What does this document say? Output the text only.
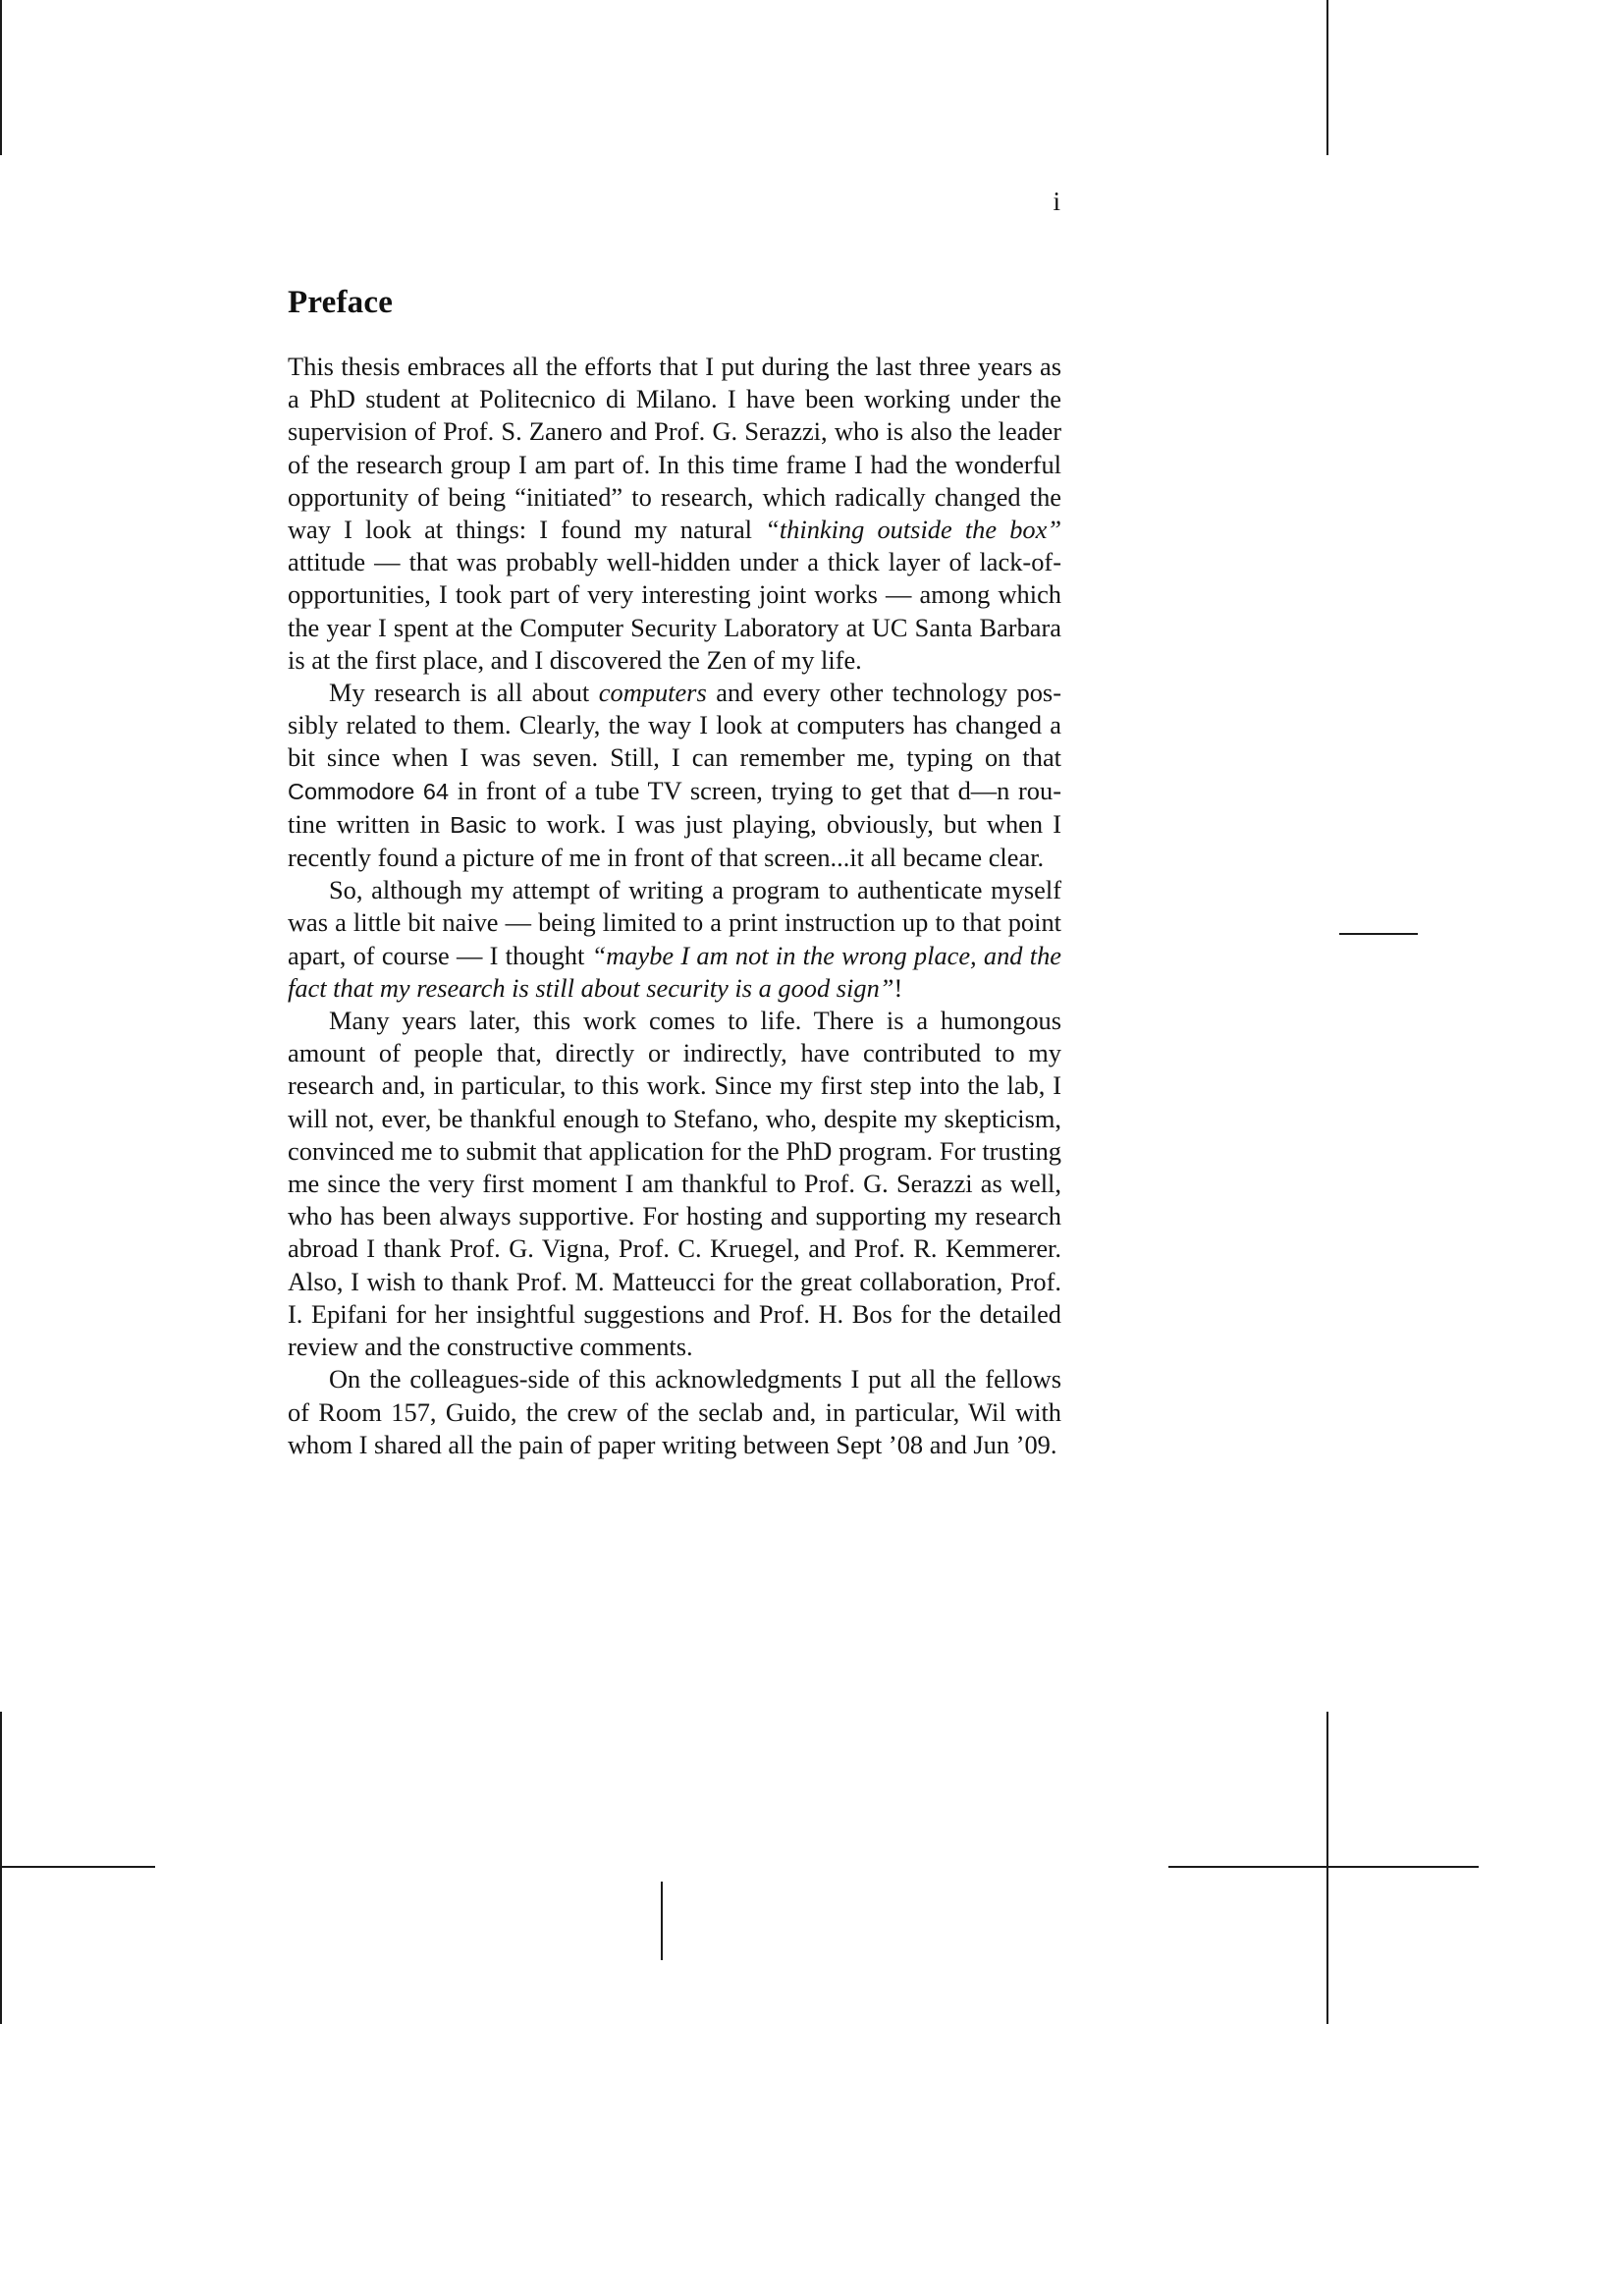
i
Preface

This thesis embraces all the efforts that I put during the last three years as a PhD student at Politecnico di Milano. I have been working under the supervision of Prof. S. Zanero and Prof. G. Serazzi, who is also the leader of the research group I am part of. In this time frame I had the wonderful opportunity of being “initiated” to research, which radically changed the way I look at things: I found my natural “thinking outside the box” attitude — that was probably well-hidden under a thick layer of lack-of-opportunities, I took part of very interesting joint works — among which the year I spent at the Computer Security Laboratory at UC Santa Barbara is at the first place, and I discovered the Zen of my life.

My research is all about computers and every other technology possibly related to them. Clearly, the way I look at computers has changed a bit since when I was seven. Still, I can remember me, typing on that Commodore 64 in front of a tube TV screen, trying to get that d—n routine written in Basic to work. I was just playing, obviously, but when I recently found a picture of me in front of that screen...it all became clear.

So, although my attempt of writing a program to authenticate myself was a little bit naive — being limited to a print instruction up to that point apart, of course — I thought “maybe I am not in the wrong place, and the fact that my research is still about security is a good sign”!

Many years later, this work comes to life. There is a humongous amount of people that, directly or indirectly, have contributed to my research and, in particular, to this work. Since my first step into the lab, I will not, ever, be thankful enough to Stefano, who, despite my skepticism, convinced me to submit that application for the PhD program. For trusting me since the very first moment I am thankful to Prof. G. Serazzi as well, who has been always supportive. For hosting and supporting my research abroad I thank Prof. G. Vigna, Prof. C. Kruegel, and Prof. R. Kemmerer. Also, I wish to thank Prof. M. Matteucci for the great collaboration, Prof. I. Epifani for her insightful suggestions and Prof. H. Bos for the detailed review and the constructive comments.

On the colleagues-side of this acknowledgments I put all the fellows of Room 157, Guido, the crew of the seclab and, in particular, Wil with whom I shared all the pain of paper writing between Sept ’08 and Jun ’09.
